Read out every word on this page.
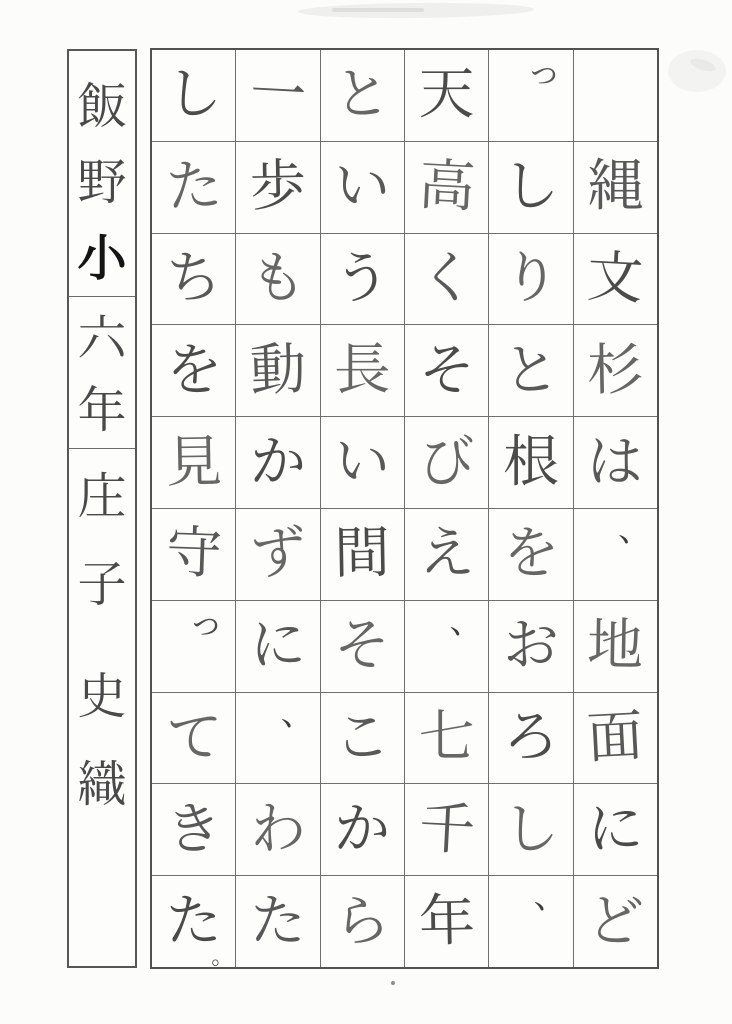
飯
野
小
六
年
庄
子
史
織
縄
文
杉
は
、
地
面
に
ど
っ
し
り
と
根
を
お
ろ
し
、
天
高
く
そ
び
え
、
七
千
年
と
い
う
長
い
間
そ
こ
か
ら
一
歩
も
動
か
ず
に
、
わ
た
し
た
ち
を
見
守
っ
て
き
た
。
